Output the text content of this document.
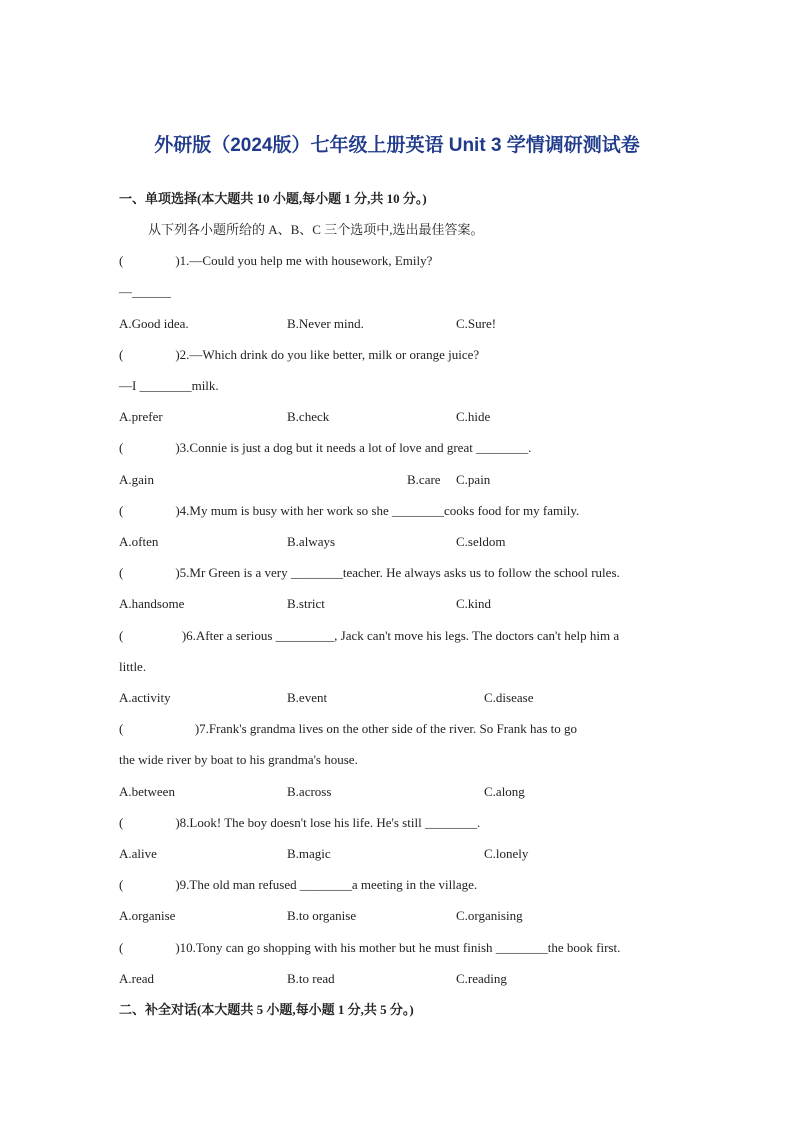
外研版（2024版）七年级上册英语 Unit 3 学情调研测试卷
一、单项选择(本大题共 10 小题,每小题 1 分,共 10 分。)
从下列各小题所给的 A、B、C 三个选项中,选出最佳答案。
(                )1.—Could you help me with housework, Emily?
—______
A.Good idea.	B.Never mind.	C.Sure!
(                )2.—Which drink do you like better, milk or orange juice?
—I ________milk.
A.prefer	B.check	C.hide
(                )3.Connie is just a dog but it needs a lot of love and great ________.
A.gain	B.care C.pain
(                )4.My mum is busy with her work so she ________cooks food for my family.
A.often	B.always	C.seldom
(                )5.Mr Green is a very ________teacher. He always asks us to follow the school rules.
A.handsome	B.strict	C.kind
(                  )6.After a serious _________, Jack can't move his legs. The doctors can't help him a
little.
A.activity	B.event	C.disease
(                      )7.Frank's grandma lives on the other side of the river. So Frank has to go
the wide river by boat to his grandma's house.
A.between	B.across	C.along
(                )8.Look! The boy doesn't lose his life. He's still ________.
A.alive	B.magic	C.lonely
(                )9.The old man refused ________a meeting in the village.
A.organise	B.to organise	C.organising
(                )10.Tony can go shopping with his mother but he must finish ________the book first.
A.read	B.to read	C.reading
二、补全对话(本大题共 5 小题,每小题 1 分,共 5 分。)
